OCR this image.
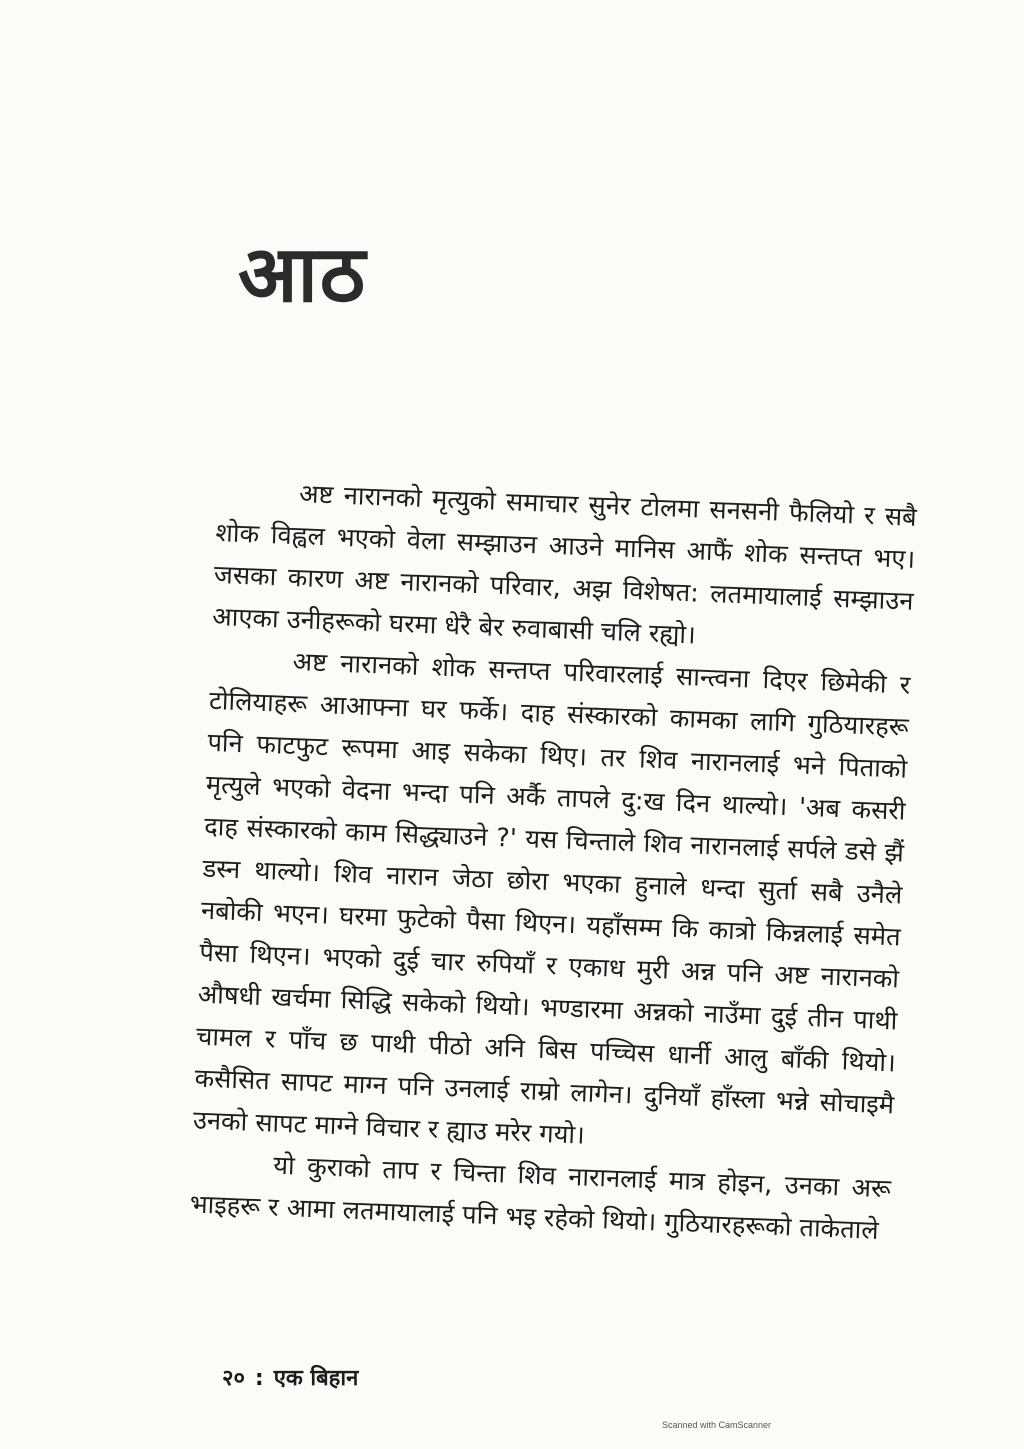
आठ

अष्ट नारानको मृत्युको समाचार सुनेर टोलमा सनसनी फैलियो र सबै शोक विह्वल भएको वेला सम्झाउन आउने मानिस आफैं शोक सन्तप्त भए। जसका कारण अष्ट नारानको परिवार, अझ विशेषत: लतमायालाई सम्झाउन आएका उनीहरूको घरमा धेरै बेर रुवाबासी चलि रह्यो।

अष्ट नारानको शोक सन्तप्त परिवारलाई सान्त्वना दिएर छिमेकी र टोलियाहरू आआफ्ना घर फर्के। दाह संस्कारको कामका लागि गुठियारहरू पनि फाटफुट रूपमा आइ सकेका थिए। तर शिव नारानलाई भने पिताको मृत्युले भएको वेदना भन्दा पनि अर्कै तापले दु:ख दिन थाल्यो। 'अब कसरी दाह संस्कारको काम सिद्ध्याउने ?' यस चिन्ताले शिव नारानलाई सर्पले डसे झैं डस्न थाल्यो। शिव नारान जेठा छोरा भएका हुनाले धन्दा सुर्ता सबै उनैले नबोकी भएन। घरमा फुटेको पैसा थिएन। यहाँसम्म कि कात्रो किन्नलाई समेत पैसा थिएन। भएको दुई चार रुपियाँ र एकाध मुरी अन्न पनि अष्ट नारानको औषधी खर्चमा सिद्धि सकेको थियो। भण्डारमा अन्नको नाउँमा दुई तीन पाथी चामल र पाँच छ पाथी पीठो अनि बिस पच्चिस धार्नी आलु बाँकी थियो। कसैसित सापट माग्न पनि उनलाई राम्रो लागेन। दुनियाँ हाँस्ला भन्ने सोचाइमै उनको सापट माग्ने विचार र ह्याउ मरेर गयो।

यो कुराको ताप र चिन्ता शिव नारानलाई मात्र होइन, उनका अरू भाइहरू र आमा लतमायालाई पनि भइ रहेको थियो। गुठियारहरूको ताकेताले

२० : एक बिहान
Scanned with CamScanner
